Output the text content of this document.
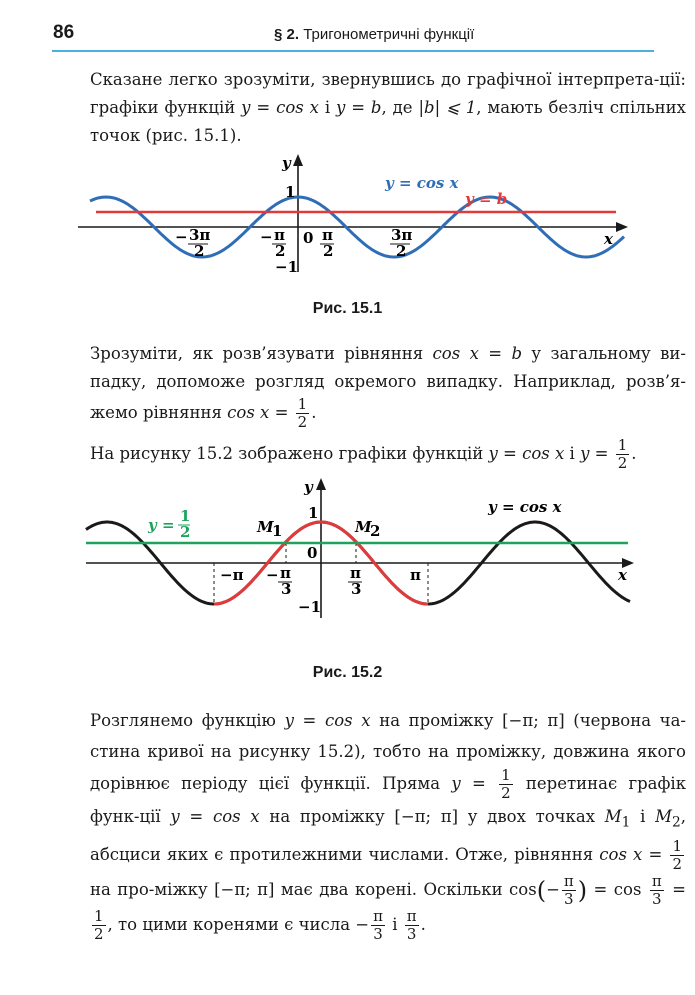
86	§ 2. Тригонометричні функції
Сказане легко зрозуміти, звернувшись до графічної інтерпрета-ції: графіки функцій y = cos x і y = b, де |b| ⩽ 1, мають безліч спільних точок (рис. 15.1).
y
x
1
−1
0
y = cos x
y = b
− 3π
2
− π
2
π
2
3π
2
Рис. 15.1
Зрозуміти, як розв’язувати рівняння cos x = b у загальному ви-падку, допоможе розгляд окремого випадку. Наприклад, розв’я-жемо рівняння $\cos x = \frac{1}{2}$ .
На рисунку 15.2 зображено графіки функцій y = cos x і $y = \frac{1}{2}$ .
y
x
1
−1
0
y = cos x
y = 1
2	M
1	M
2
−π	π
− π
3
π
3
Рис. 15.2
Розглянемо функцію y = cos x на проміжку [−π; π] (червона ча-стина кривої на рисунку 15.2), тобто на проміжку, довжина якого дорівнює періоду цієї функції. Пряма $y = \frac{1}{2}$ перетинає графік функ-ції y = cos x на проміжку [−π; π] у двох точках $M_1$ і $M_2$, абсциси яких є протилежними числами. Отже, рівняння $\cos x = \frac{1}{2}$
на про-міжку [−π; π] має два корені. Оскільки $\cos(- \frac{\pi}{3}$ ) = $\cos \frac{\pi}{3}$ =
$\frac{1}{2}$ , то цими коренями є числа − $\frac{\pi}{3}$ і $\frac{\pi}{3}$ .
